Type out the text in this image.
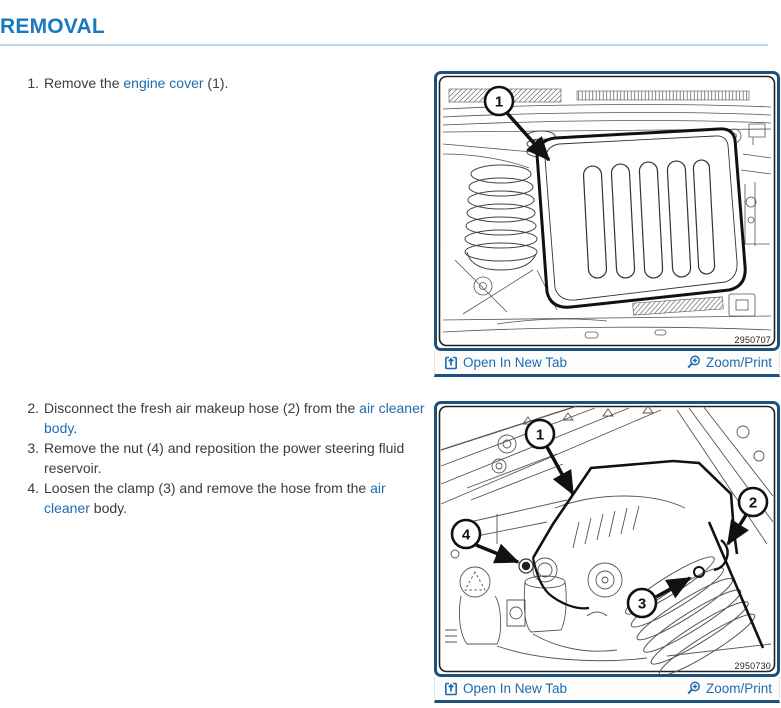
REMOVAL
1. Remove the engine cover (1).
2. Disconnect the fresh air makeup hose (2) from the air cleaner body.
3. Remove the nut (4) and reposition the power steering fluid reservoir.
4. Loosen the clamp (3) and remove the hose from the air cleaner body.
1
2950707
Open In New Tab	Zoom/Print
1
2
3
4
2950730
Open In New Tab	Zoom/Print
